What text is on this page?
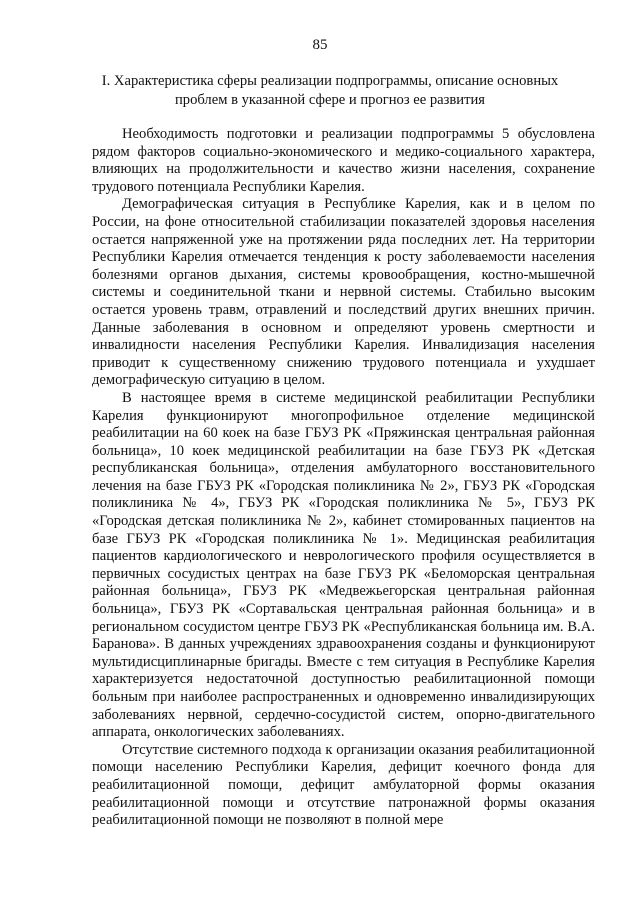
85
I. Характеристика сферы реализации подпрограммы, описание основных проблем в указанной сфере и прогноз ее развития

Необходимость подготовки и реализации подпрограммы 5 обусловлена рядом факторов социально-экономического и медико-социального характера, влияющих на продолжительности и качество жизни населения, сохранение трудового потенциала Республики Карелия.

Демографическая ситуация в Республике Карелия, как и в целом по России, на фоне относительной стабилизации показателей здоровья населения остается напряженной уже на протяжении ряда последних лет. На территории Республики Карелия отмечается тенденция к росту заболеваемости населения болезнями органов дыхания, системы кровообращения, костно-мышечной системы и соединительной ткани и нервной системы. Стабильно высоким остается уровень травм, отравлений и последствий других внешних причин. Данные заболевания в основном и определяют уровень смертности и инвалидности населения Республики Карелия. Инвалидизация населения приводит к существенному снижению трудового потенциала и ухудшает демографическую ситуацию в целом.

В настоящее время в системе медицинской реабилитации Республики Карелия функционируют многопрофильное отделение медицинской реабилитации на 60 коек на базе ГБУЗ РК «Пряжинская центральная районная больница», 10 коек медицинской реабилитации на базе ГБУЗ РК «Детская республиканская больница», отделения амбулаторного восстановительного лечения на базе ГБУЗ РК «Городская поликлиника № 2», ГБУЗ РК «Городская поликлиника № 4», ГБУЗ РК «Городская поликлиника № 5», ГБУЗ РК «Городская детская поликлиника № 2», кабинет стомированных пациентов на базе ГБУЗ РК «Городская поликлиника № 1». Медицинская реабилитация пациентов кардиологического и неврологического профиля осуществляется в первичных сосудистых центрах на базе ГБУЗ РК «Беломорская центральная районная больница», ГБУЗ РК «Медвежьегорская центральная районная больница», ГБУЗ РК «Сортавальская центральная районная больница» и в региональном сосудистом центре ГБУЗ РК «Республиканская больница им. В.А. Баранова». В данных учреждениях здравоохранения созданы и функционируют мультидисциплинарные бригады. Вместе с тем ситуация в Республике Карелия характеризуется недостаточной доступностью реабилитационной помощи больным при наиболее распространенных и одновременно инвалидизирующих заболеваниях нервной, сердечно-сосудистой систем, опорно-двигательного аппарата, онкологических заболеваниях.

Отсутствие системного подхода к организации оказания реабилитационной помощи населению Республики Карелия, дефицит коечного фонда для реабилитационной помощи, дефицит амбулаторной формы оказания реабилитационной помощи и отсутствие патронажной формы оказания реабилитационной помощи не позволяют в полной мере
